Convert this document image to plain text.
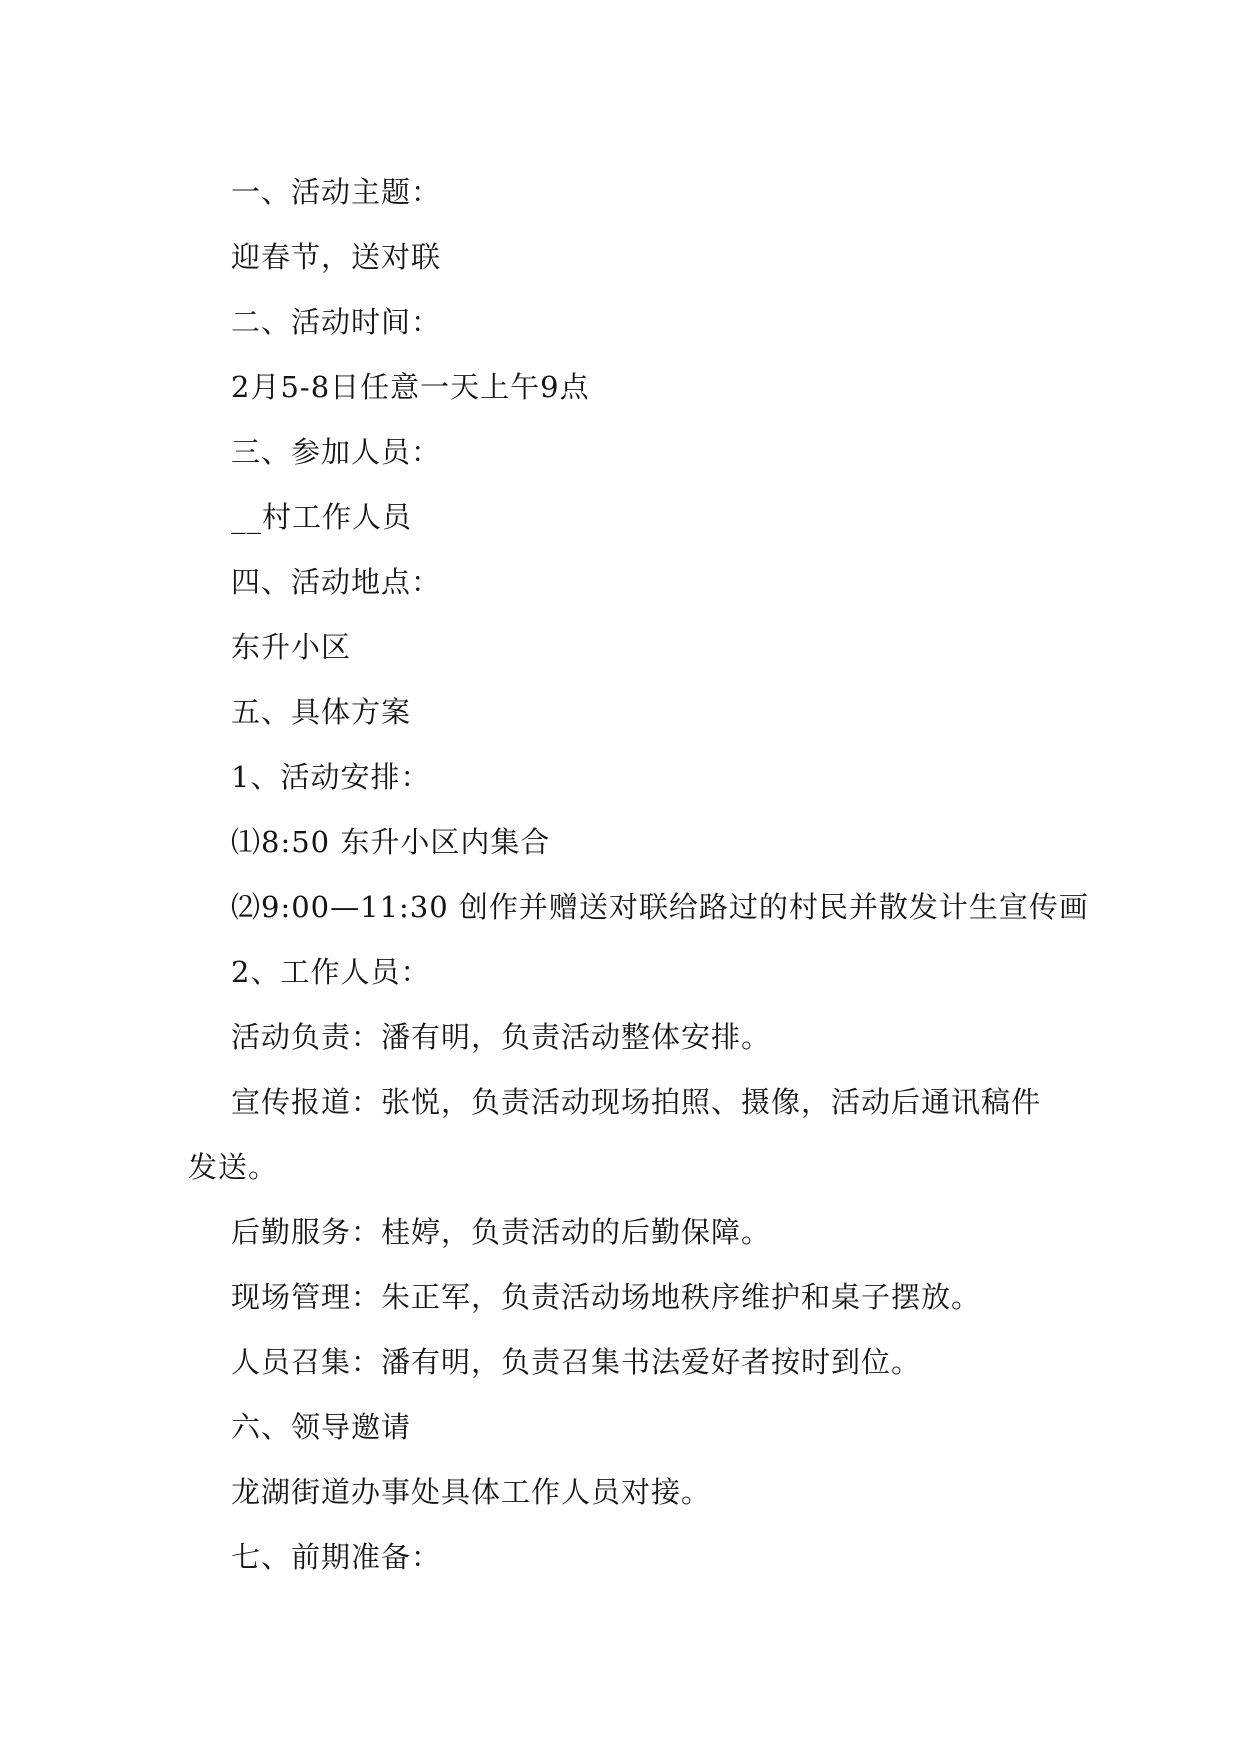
一、活动主题：

迎春节，送对联

二、活动时间：

2月5-8日任意一天上午9点

三、参加人员：

__村工作人员

四、活动地点：

东升小区

五、具体方案

1、活动安排：

⑴8:50 东升小区内集合

⑵9:00—11:30 创作并赠送对联给路过的村民并散发计生宣传画

2、工作人员：

活动负责：潘有明，负责活动整体安排。

宣传报道：张悦，负责活动现场拍照、摄像，活动后通讯稿件发送。

后勤服务：桂婷，负责活动的后勤保障。

现场管理：朱正军，负责活动场地秩序维护和桌子摆放。

人员召集：潘有明，负责召集书法爱好者按时到位。

六、领导邀请

龙湖街道办事处具体工作人员对接。

七、前期准备：
